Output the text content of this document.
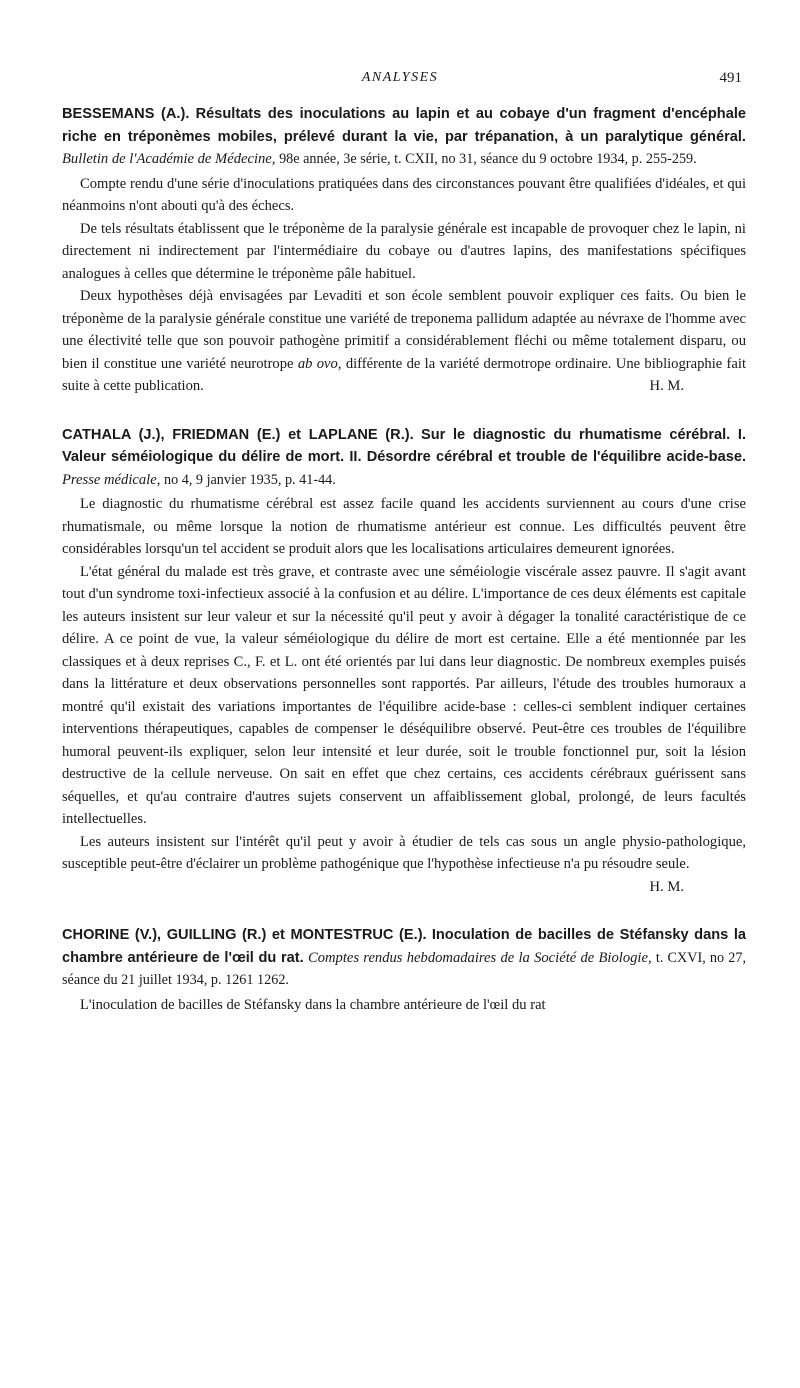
ANALYSES	491

BESSEMANS (A.). Résultats des inoculations au lapin et au cobaye d'un fragment d'encéphale riche en tréponèmes mobiles, prélevé durant la vie, par trépanation, à un paralytique général. Bulletin de l'Académie de Médecine, 98e année, 3e série, t. CXII, no 31, séance du 9 octobre 1934, p. 255-259.

Compte rendu d'une série d'inoculations pratiquées dans des circonstances pouvant être qualifiées d'idéales, et qui néanmoins n'ont abouti qu'à des échecs.

De tels résultats établissent que le tréponème de la paralysie générale est incapable de provoquer chez le lapin, ni directement ni indirectement par l'intermédiaire du cobaye ou d'autres lapins, des manifestations spécifiques analogues à celles que détermine le tréponème pâle habituel.

Deux hypothèses déjà envisagées par Levaditi et son école semblent pouvoir expliquer ces faits. Ou bien le tréponème de la paralysie générale constitue une variété de treponema pallidum adaptée au névraxe de l'homme avec une électivité telle que son pouvoir pathogène primitif a considérablement fléchi ou même totalement disparu, ou bien il constitue une variété neurotrope ab ovo, différente de la variété dermotrope ordinaire. Une bibliographie fait suite à cette publication.	H. M.

CATHALA (J.), FRIEDMAN (E.) et LAPLANE (R.). Sur le diagnostic du rhumatisme cérébral. I. Valeur séméiologique du délire de mort. II. Désordre cérébral et trouble de l'équilibre acide-base. Presse médicale, no 4, 9 janvier 1935, p. 41-44.

Le diagnostic du rhumatisme cérébral est assez facile quand les accidents surviennent au cours d'une crise rhumatismale, ou même lorsque la notion de rhumatisme antérieur est connue. Les difficultés peuvent être considérables lorsqu'un tel accident se produit alors que les localisations articulaires demeurent ignorées.

L'état général du malade est très grave, et contraste avec une séméiologie viscérale assez pauvre. Il s'agit avant tout d'un syndrome toxi-infectieux associé à la confusion et au délire. L'importance de ces deux éléments est capitale les auteurs insistent sur leur valeur et sur la nécessité qu'il peut y avoir à dégager la tonalité caractéristique de ce délire. A ce point de vue, la valeur séméiologique du délire de mort est certaine. Elle a été mentionnée par les classiques et à deux reprises C., F. et L. ont été orientés par lui dans leur diagnostic. De nombreux exemples puisés dans la littérature et deux observations personnelles sont rapportés. Par ailleurs, l'étude des troubles humoraux a montré qu'il existait des variations importantes de l'équilibre acide-base : celles-ci semblent indiquer certaines interventions thérapeutiques, capables de compenser le déséquilibre observé. Peut-être ces troubles de l'équilibre humoral peuvent-ils expliquer, selon leur intensité et leur durée, soit le trouble fonctionnel pur, soit la lésion destructive de la cellule nerveuse. On sait en effet que chez certains, ces accidents cérébraux guérissent sans séquelles, et qu'au contraire d'autres sujets conservent un affaiblissement global, prolongé, de leurs facultés intellectuelles.

Les auteurs insistent sur l'intérêt qu'il peut y avoir à étudier de tels cas sous un angle physio-pathologique, susceptible peut-être d'éclairer un problème pathogénique que l'hypothèse infectieuse n'a pu résoudre seule.
H. M.

CHORINE (V.), GUILLING (R.) et MONTESTRUC (E.). Inoculation de bacilles de Stéfansky dans la chambre antérieure de l'œil du rat. Comptes rendus hebdomadaires de la Société de Biologie, t. CXVI, no 27, séance du 21 juillet 1934, p. 1261 1262.

L'inoculation de bacilles de Stéfansky dans la chambre antérieure de l'œil du rat
